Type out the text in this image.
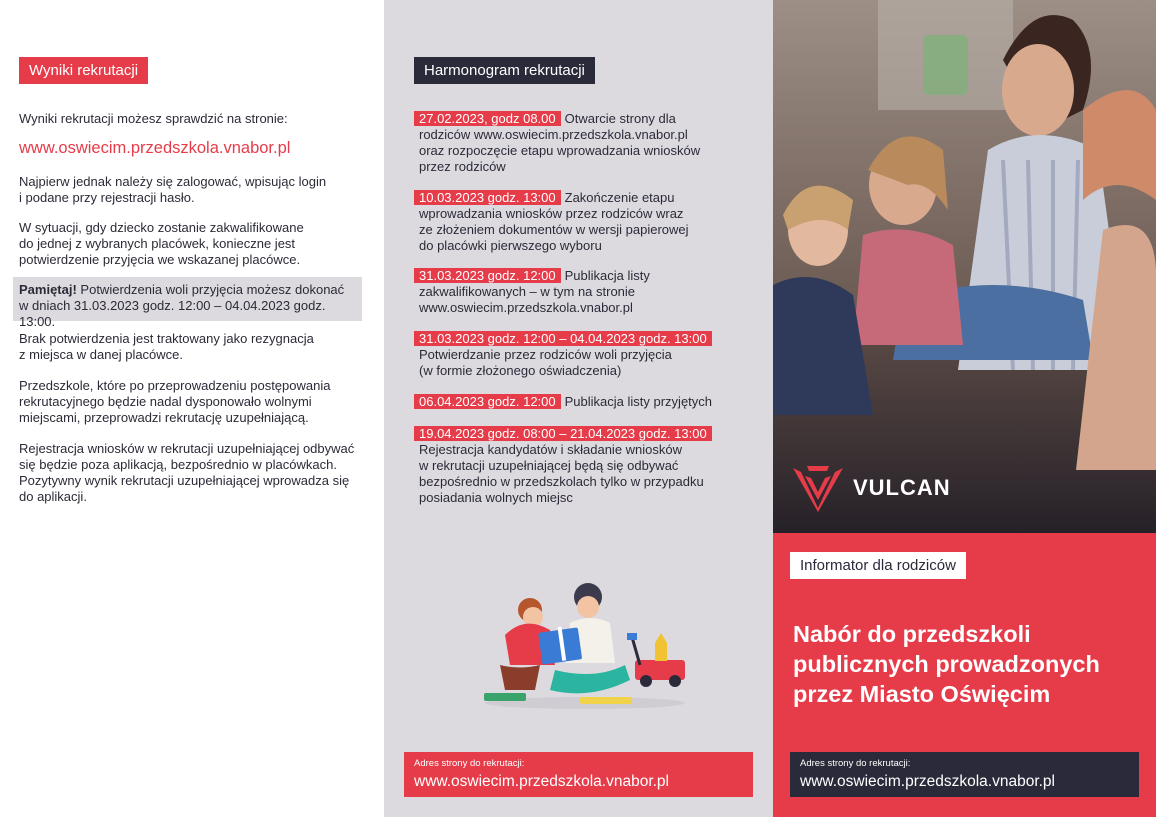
Wyniki rekrutacji
Wyniki rekrutacji możesz sprawdzić na stronie:
www.oswiecim.przedszkola.vnabor.pl
Najpierw jednak należy się zalogować, wpisując login
i podane przy rejestracji hasło.
W sytuacji, gdy dziecko zostanie zakwalifikowane
do jednej z wybranych placówek, konieczne jest
potwierdzenie przyjęcia we wskazanej placówce.
Pamiętaj! Potwierdzenia woli przyjęcia możesz dokonać
w dniach 31.03.2023 godz. 12:00 – 04.04.2023 godz. 13:00.
Brak potwierdzenia jest traktowany jako rezygnacja
z miejsca w danej placówce.
Przedszkole, które po przeprowadzeniu postępowania
rekrutacyjnego będzie nadal dysponowało wolnymi
miejscami, przeprowadzi rekrutację uzupełniającą.
Rejestracja wniosków w rekrutacji uzupełniającej odbywać
się będzie poza aplikacją, bezpośrednio w placówkach.
Pozytywny wynik rekrutacji uzupełniającej wprowadza się
do aplikacji.
Harmonogram rekrutacji
27.02.2023, godz 08.00 Otwarcie strony dla
rodziców www.oswiecim.przedszkola.vnabor.pl
oraz rozpoczęcie etapu wprowadzania wniosków
przez rodziców
10.03.2023 godz. 13:00 Zakończenie etapu
wprowadzania wniosków przez rodziców wraz
ze złożeniem dokumentów w wersji papierowej
do placówki pierwszego wyboru
31.03.2023 godz. 12:00 Publikacja listy
zakwalifikowanych – w tym na stronie
www.oswiecim.przedszkola.vnabor.pl
31.03.2023 godz. 12:00 – 04.04.2023 godz. 13:00
Potwierdzanie przez rodziców woli przyjęcia
(w formie złożonego oświadczenia)
06.04.2023 godz. 12:00 Publikacja listy przyjętych
19.04.2023 godz. 08:00 – 21.04.2023 godz. 13:00
Rejestracja kandydatów i składanie wniosków
w rekrutacji uzupełniającej będą się odbywać
bezpośrednio w przedszkolach tylko w przypadku
posiadania wolnych miejsc
Adres strony do rekrutacji:
www.oswiecim.przedszkola.vnabor.pl
VULCAN
Informator dla rodziców
Nabór do przedszkoli
publicznych prowadzonych
przez Miasto Oświęcim
Adres strony do rekrutacji:
www.oswiecim.przedszkola.vnabor.pl
